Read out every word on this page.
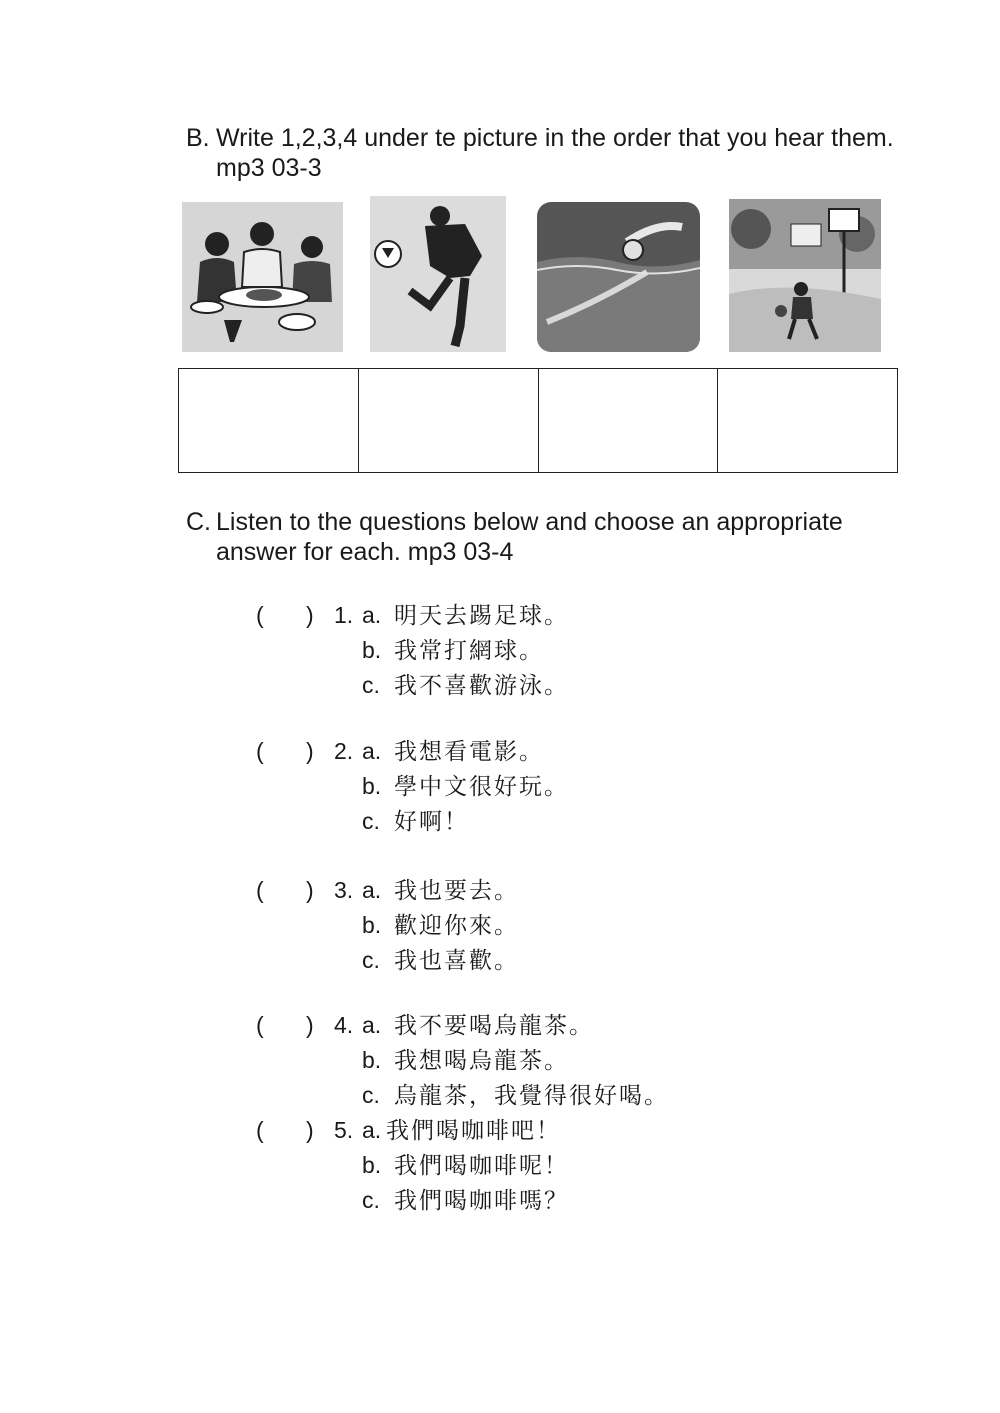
B. Write 1,2,3,4 under te picture in the order that you hear them. mp3 03-3

C. Listen to the questions below and choose an appropriate answer for each. mp3 03-4
( ) 1. a. 明天去踢足球。
b. 我常打網球。
c. 我不喜歡游泳。
( ) 2. a. 我想看電影。
b. 學中文很好玩。
c. 好啊！
( ) 3. a. 我也要去。
b. 歡迎你來。
c. 我也喜歡。
( ) 4. a. 我不要喝烏龍茶。
b. 我想喝烏龍茶。
c. 烏龍茶，我覺得很好喝。
( ) 5. a. 我們喝咖啡吧！
b. 我們喝咖啡呢！
c. 我們喝咖啡嗎？
